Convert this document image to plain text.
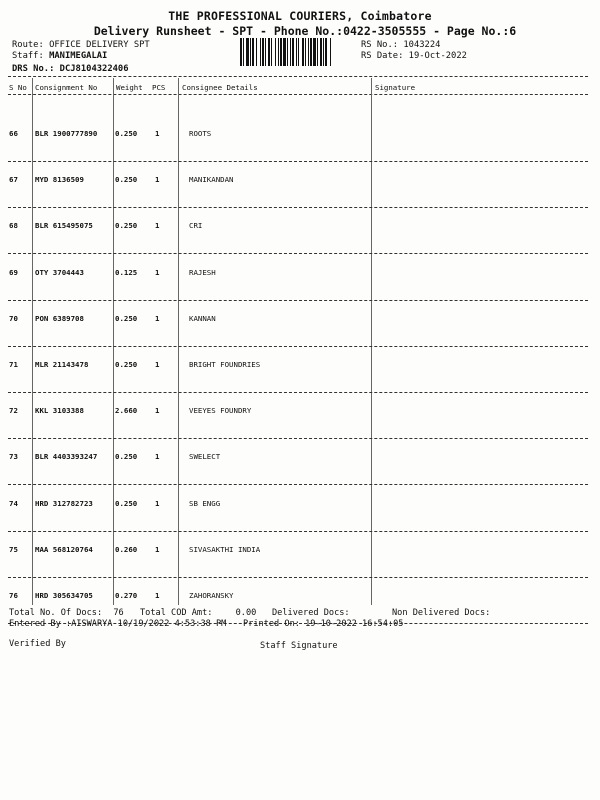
THE PROFESSIONAL COURIERS, Coimbatore
Delivery Runsheet - SPT - Phone No.:0422-3505555 - Page No.:6
Route: OFFICE DELIVERY SPT
Staff: MANIMEGALAI
DRS No.: DCJ8104322406
RS No.: 1043224
RS Date: 19-Oct-2022
S No Consignment No	Weight PCS Consignee Details	Signature
66 BLR 1900777890 0.250 1	ROOTS
67 MYD 8136509	0.250 1	MANIKANDAN
68 BLR 615495075	0.250 1	CRI
69 OTY 3704443	0.125 1	RAJESH
70 PON 6389708	0.250 1	KANNAN
71 MLR 21143478	0.250 1	BRIGHT FOUNDRIES
72 KKL 3103388	2.660 1	VEEYES FOUNDRY
73 BLR 4403393247 0.250 1	SWELECT
74 HRD 312782723	0.250 1	SB ENGG
75 MAA 568120764	0.260 1	SIVASAKTHI INDIA
76 HRD 305634705	0.270 1	ZAHORANSKY
Total No. Of Docs: 76 Total COD Amt:	0.00 Delivered Docs:	Non Delivered Docs:
Entered By :AISWARYA 10/19/2022 4:53:38 PM Printed On: 19-10-2022 16:54:05
Verified By	Staff Signature
